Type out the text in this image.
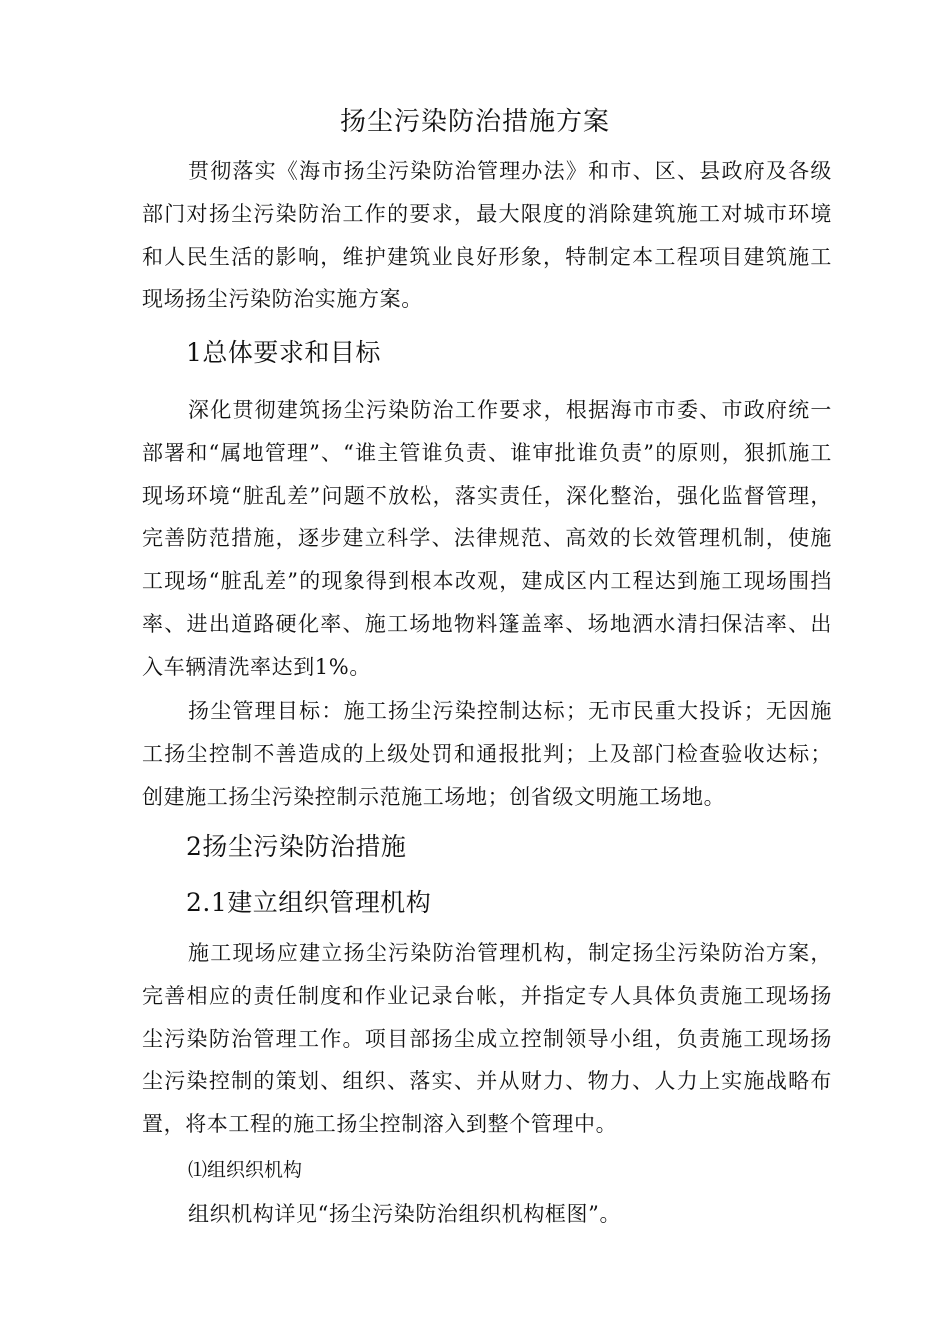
扬尘污染防治措施方案
贯彻落实《海市扬尘污染防治管理办法》和市、区、县政府及各级部门对扬尘污染防治工作的要求，最大限度的消除建筑施工对城市环境和人民生活的影响，维护建筑业良好形象，特制定本工程项目建筑施工现场扬尘污染防治实施方案。
1总体要求和目标
深化贯彻建筑扬尘污染防治工作要求，根据海市市委、市政府统一部署和“属地管理”、“谁主管谁负责、谁审批谁负责”的原则，狠抓施工现场环境“脏乱差”问题不放松，落实责任，深化整治，强化监督管理，完善防范措施，逐步建立科学、法律规范、高效的长效管理机制，使施工现场“脏乱差”的现象得到根本改观，建成区内工程达到施工现场围挡率、进出道路硬化率、施工场地物料篷盖率、场地洒水清扫保洁率、出入车辆清洗率达到1%。
扬尘管理目标：施工扬尘污染控制达标；无市民重大投诉；无因施工扬尘控制不善造成的上级处罚和通报批判；上及部门检查验收达标；创建施工扬尘污染控制示范施工场地；创省级文明施工场地。
2扬尘污染防治措施
2.1建立组织管理机构
施工现场应建立扬尘污染防治管理机构，制定扬尘污染防治方案，完善相应的责任制度和作业记录台帐，并指定专人具体负责施工现场扬尘污染防治管理工作。项目部扬尘成立控制领导小组，负责施工现场扬尘污染控制的策划、组织、落实、并从财力、物力、人力上实施战略布置，将本工程的施工扬尘控制溶入到整个管理中。
⑴组织织机构
组织机构详见“扬尘污染防治组织机构框图”。
